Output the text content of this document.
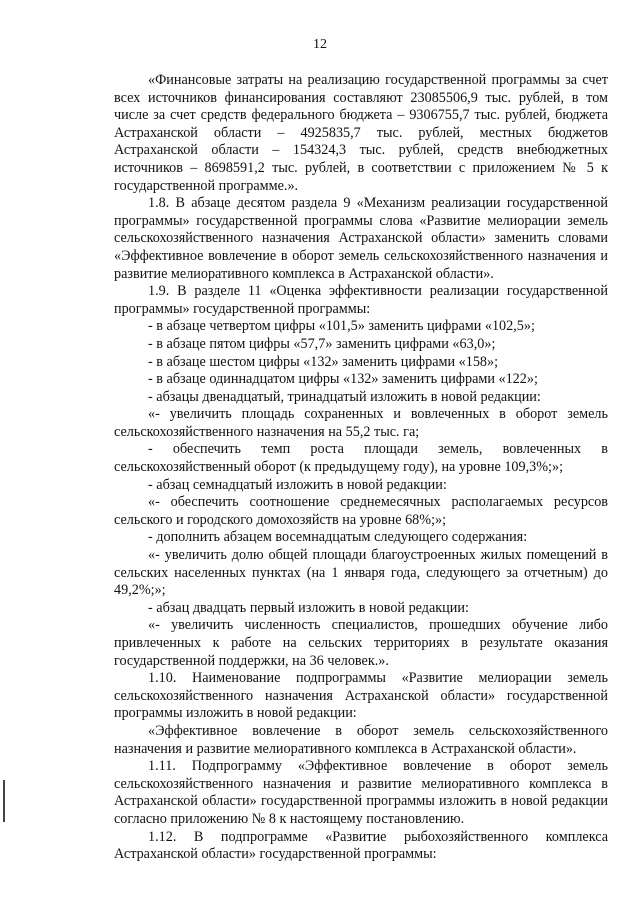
12

«Финансовые затраты на реализацию государственной программы за счет всех источников финансирования составляют 23085506,9 тыс. рублей, в том числе за счет средств федерального бюджета – 9306755,7 тыс. рублей, бюджета Астраханской области – 4925835,7 тыс. рублей, местных бюджетов Астраханской области – 154324,3 тыс. рублей, средств внебюджетных источников – 8698591,2 тыс. рублей, в соответствии с приложением № 5 к государственной программе.».

1.8. В абзаце десятом раздела 9 «Механизм реализации государственной программы» государственной программы слова «Развитие мелиорации земель сельскохозяйственного назначения Астраханской области» заменить словами «Эффективное вовлечение в оборот земель сельскохозяйственного назначения и развитие мелиоративного комплекса в Астраханской области».

1.9. В разделе 11 «Оценка эффективности реализации государственной программы» государственной программы:

- в абзаце четвертом цифры «101,5» заменить цифрами «102,5»;

- в абзаце пятом цифры «57,7» заменить цифрами «63,0»;

- в абзаце шестом цифры «132» заменить цифрами «158»;

- в абзаце одиннадцатом цифры «132» заменить цифрами «122»;

- абзацы двенадцатый, тринадцатый изложить в новой редакции:

«- увеличить площадь сохраненных и вовлеченных в оборот земель сельскохозяйственного назначения на 55,2 тыс. га;

- обеспечить темп роста площади земель, вовлеченных в сельскохозяйственный оборот (к предыдущему году), на уровне 109,3%;»;

- абзац семнадцатый изложить в новой редакции:

«- обеспечить соотношение среднемесячных располагаемых ресурсов сельского и городского домохозяйств на уровне 68%;»;

- дополнить абзацем восемнадцатым следующего содержания:

«- увеличить долю общей площади благоустроенных жилых помещений в сельских населенных пунктах (на 1 января года, следующего за отчетным) до 49,2%;»;

- абзац двадцать первый изложить в новой редакции:

«- увеличить численность специалистов, прошедших обучение либо привлеченных к работе на сельских территориях в результате оказания государственной поддержки, на 36 человек.».

1.10. Наименование подпрограммы «Развитие мелиорации земель сельскохозяйственного назначения Астраханской области» государственной программы изложить в новой редакции:

«Эффективное вовлечение в оборот земель сельскохозяйственного назначения и развитие мелиоративного комплекса в Астраханской области».

1.11. Подпрограмму «Эффективное вовлечение в оборот земель сельскохозяйственного назначения и развитие мелиоративного комплекса в Астраханской области» государственной программы изложить в новой редакции согласно приложению № 8 к настоящему постановлению.

1.12. В подпрограмме «Развитие рыбохозяйственного комплекса Астраханской области» государственной программы:
